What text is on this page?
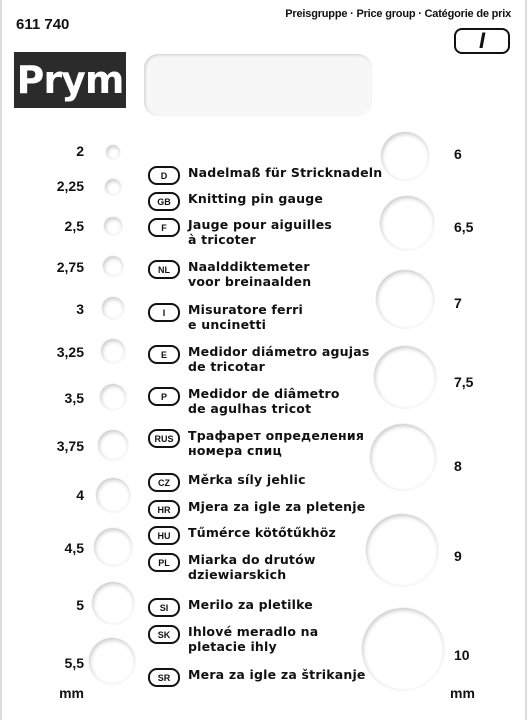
611 740
Preisgruppe · Price group · Catégorie de prix
I
Prym
2
2,25
2,5
2,75
3
3,25
3,5
3,75
4
4,5
5
5,5
mm
6
6,5
7
7,5
8
9
10
mm
D	Nadelmaß für Stricknadeln
GB	Knitting pin gauge
F	Jauge pour aiguilles
à tricoter
NL	Naalddiktemeter
voor breinaalden
I	Misuratore ferri
e uncinetti
E	Medidor diámetro agujas
de tricotar
P	Medidor de diâmetro
de agulhas tricot
RUS	Трафарет определения
номера спиц
CZ	Měrka síly jehlic
HR	Mjera za igle za pletenje
HU	Tűmérce kötőtűkhöz
PL	Miarka do drutów
dziewiarskich
SI	Merilo za pletilke
SK	Ihlové meradlo na
pletacie ihly
SR	Mera za igle za štrikanje
